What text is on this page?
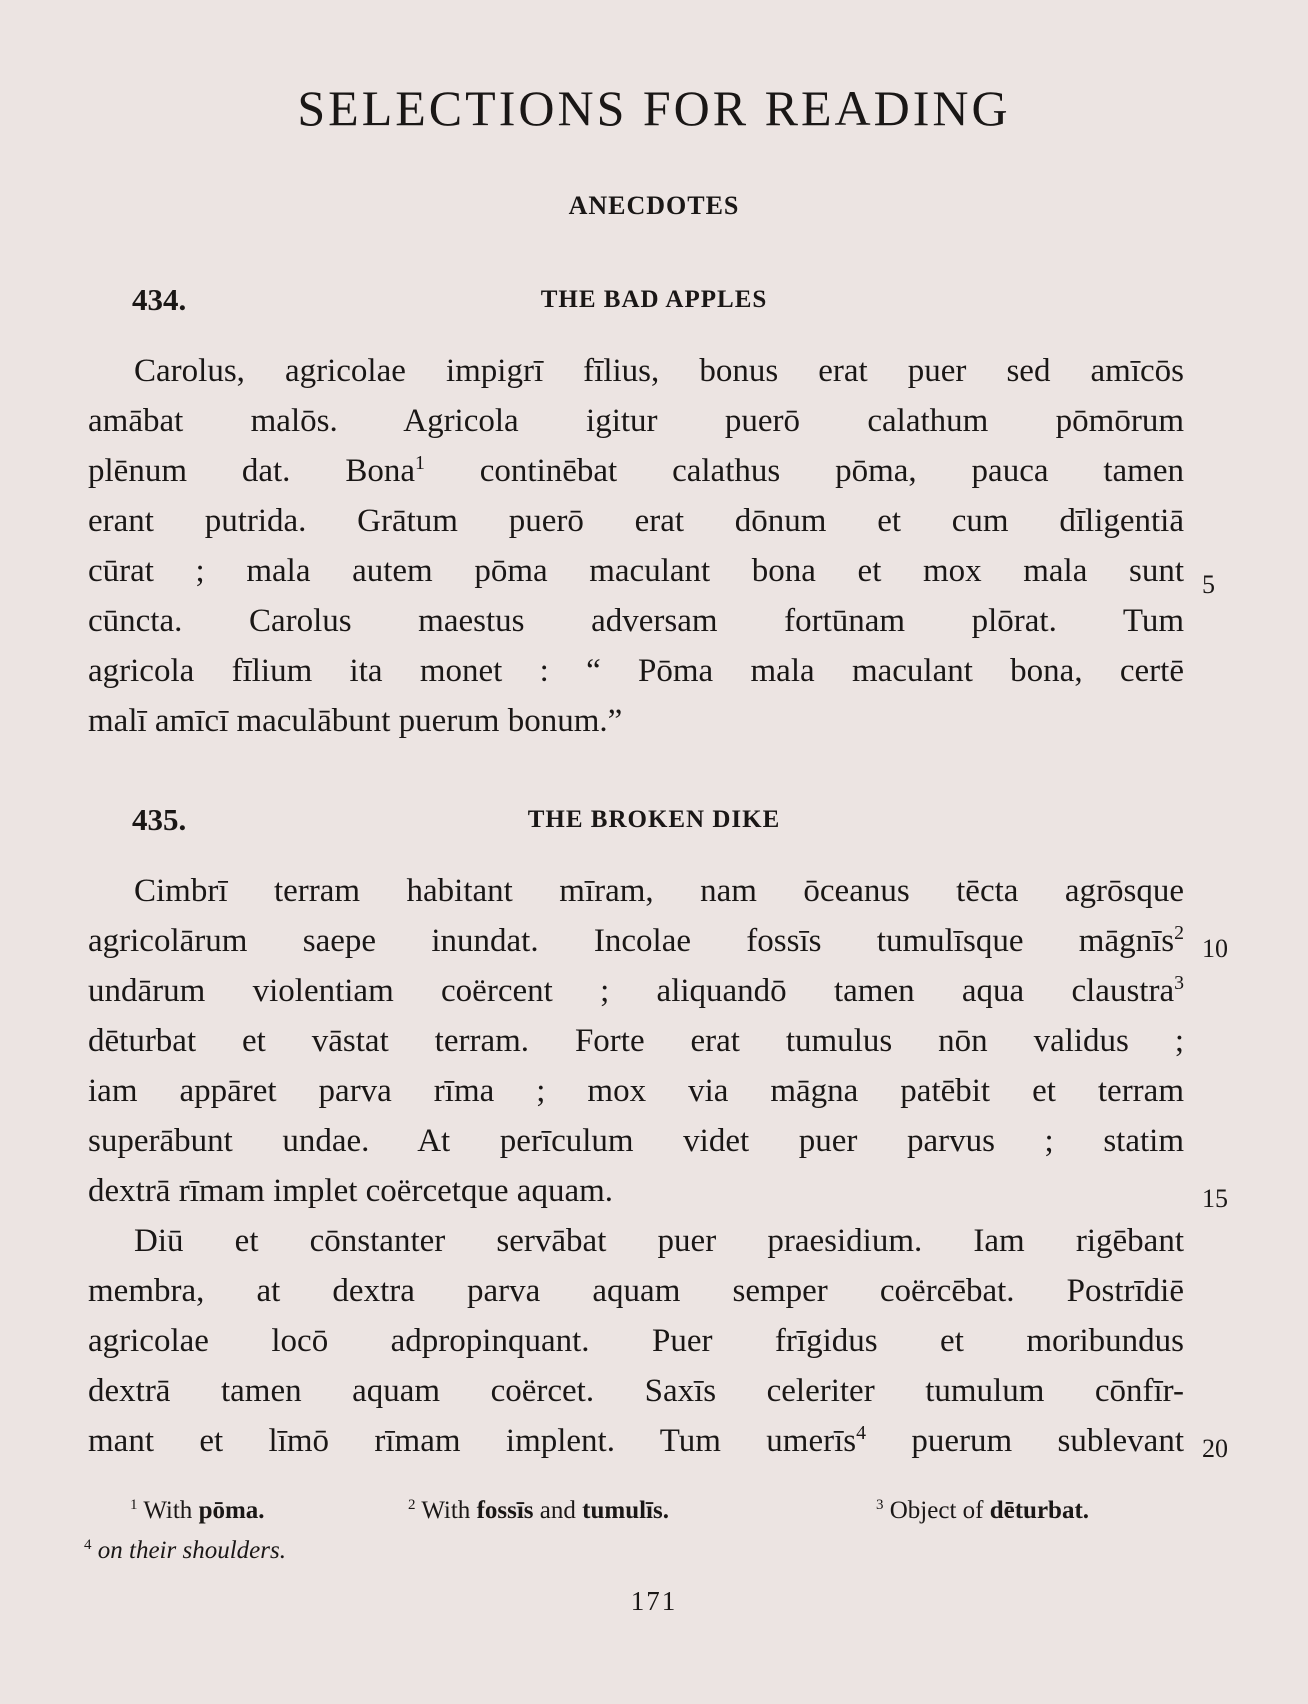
SELECTIONS FOR READING
ANECDOTES
434.	THE BAD APPLES
Carolus, agricolae impigrī fīlius, bonus erat puer sed amīcōs
amābat malōs. Agricola igitur puerō calathum pōmōrum
plēnum dat. Bona$^1$ continēbat calathus pōma, pauca tamen
erant putrida. Grātum puerō erat dōnum et cum dīligentiā
cūrat ; mala autem pōma maculant bona et mox mala sunt 5
cūncta. Carolus maestus adversam fortūnam plōrat. Tum
agricola fīlium ita monet : “ Pōma mala maculant bona, certē
malī amīcī maculābunt puerum bonum.”
435.	THE BROKEN DIKE
Cimbrī terram habitant mīram, nam ōceanus tēcta agrōsque
agricolārum saepe inundat. Incolae fossīs tumulīsque māgnīs$^2$
10
undārum violentiam coërcent ; aliquandō tamen aqua claustra$^3$
dēturbat et vāstat terram. Forte erat tumulus nōn validus ;
iam appāret parva rīma ; mox via māgna patēbit et terram
superābunt undae. At perīculum videt puer parvus ; statim
dextrā rīmam implet coërcetque aquam.	15
Diū et cōnstanter servābat puer praesidium. Iam rigēbant
membra, at dextra parva aquam semper coërcēbat. Postrīdiē
agricolae locō adpropinquant. Puer frīgidus et moribundus
dextrā tamen aquam coërcet. Saxīs celeriter tumulum cōnfīr-
mant et līmō rīmam implent. Tum umerīs$^4$ puerum sublevant 20
$^1$ With pōma.	$^2$ With fossīs and tumulīs.	$^3$ Object of dēturbat.
$^4$ on their shoulders.
171
